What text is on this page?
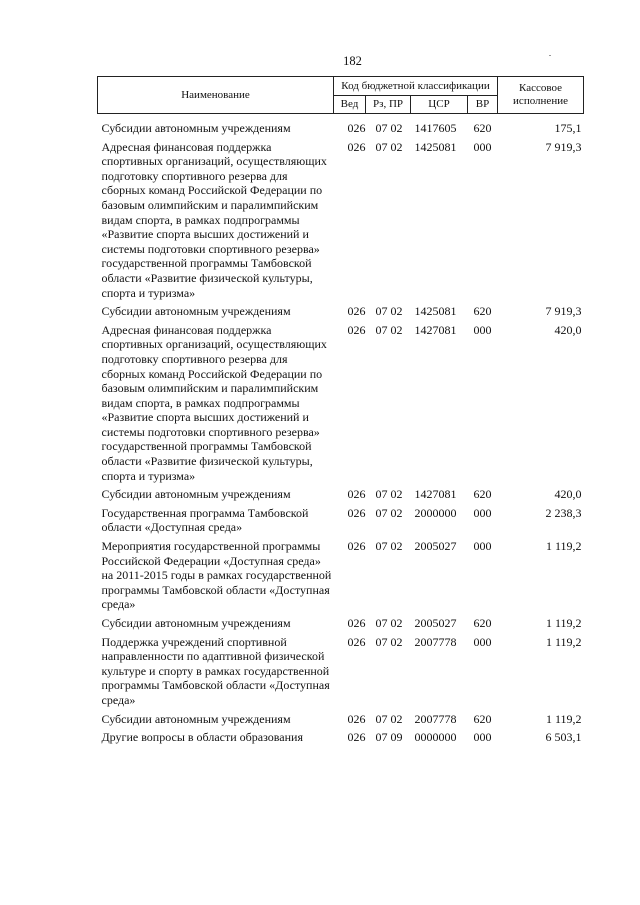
182
Наименование	Код бюджетной классификации				Кассовое исполнение
	Вед	Рз, ПР	ЦСР	ВР	
Субсидии автономным учреждениям	026	07 02	1417605	620	175,1
Адресная финансовая поддержка спортивных организаций, осуществляющих подготовку спортивного резерва для сборных команд Российской Федерации по базовым олимпийским и паралимпийским видам спорта, в рамках подпрограммы «Развитие спорта высших достижений и системы подготовки спортивного резерва» государственной программы Тамбовской области «Развитие физической культуры, спорта и туризма»	026	07 02	1425081	000	7 919,3
Субсидии автономным учреждениям	026	07 02	1425081	620	7 919,3
Адресная финансовая поддержка спортивных организаций, осуществляющих подготовку спортивного резерва для сборных команд Российской Федерации по базовым олимпийским и паралимпийским видам спорта, в рамках подпрограммы «Развитие спорта высших достижений и системы подготовки спортивного резерва» государственной программы Тамбовской области «Развитие физической культуры, спорта и туризма»	026	07 02	1427081	000	420,0
Субсидии автономным учреждениям	026	07 02	1427081	620	420,0
Государственная программа Тамбовской области «Доступная среда»	026	07 02	2000000	000	2 238,3
Мероприятия государственной программы Российской Федерации «Доступная среда» на 2011-2015 годы в рамках государственной программы Тамбовской области «Доступная среда»	026	07 02	2005027	000	1 119,2
Субсидии автономным учреждениям	026	07 02	2005027	620	1 119,2
Поддержка учреждений спортивной направленности по адаптивной физической культуре и спорту в рамках государственной программы Тамбовской области «Доступная среда»	026	07 02	2007778	000	1 119,2
Субсидии автономным учреждениям	026	07 02	2007778	620	1 119,2
Другие вопросы в области образования	026	07 09	0000000	000	6 503,1
